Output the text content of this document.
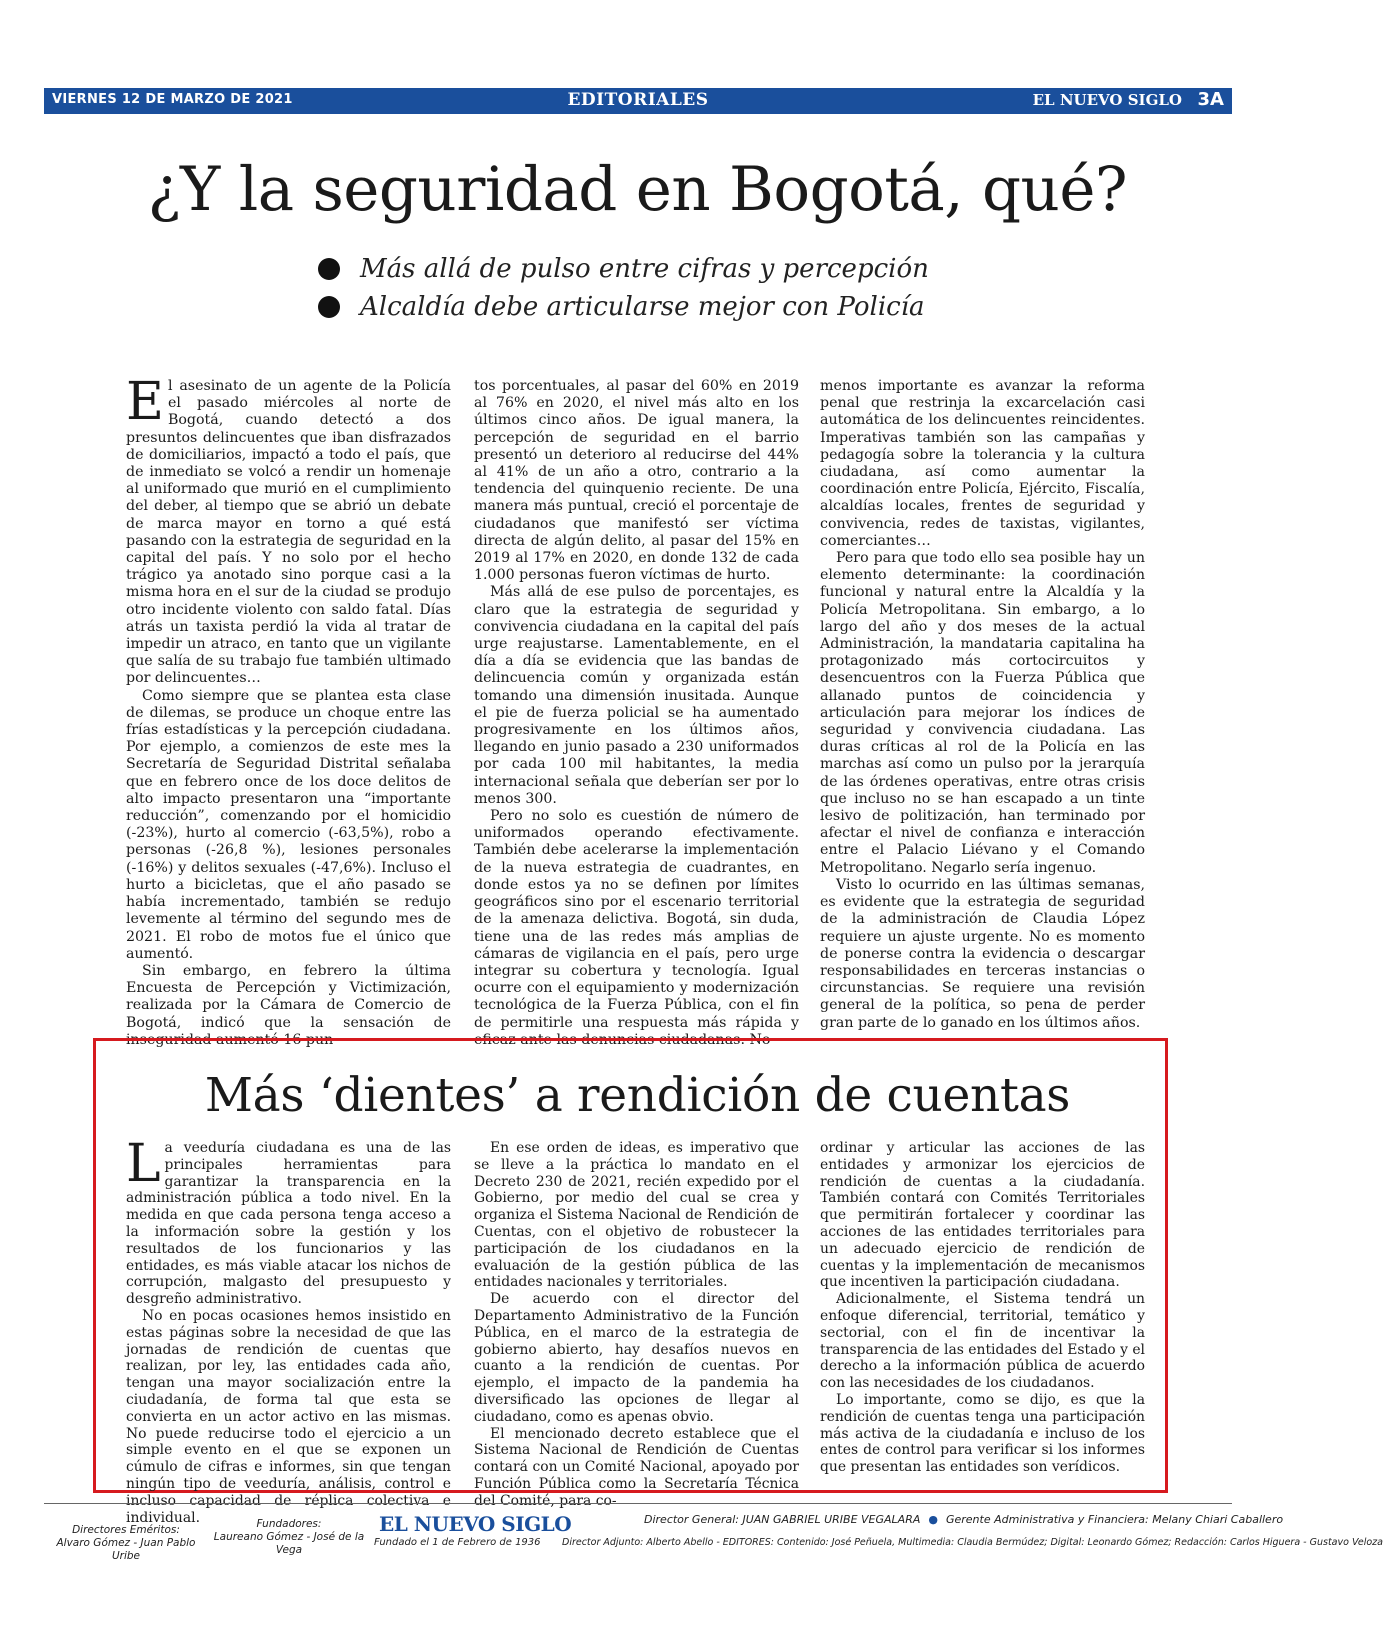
VIERNES 12 DE MARZO DE 2021	EDITORIALES	EL NUEVO SIGLO 3A
¿Y la seguridad en Bogotá, qué?
Más allá de pulso entre cifras y percepción
Alcaldía debe articularse mejor con Policía

El asesinato de un agente de la Policía el pasado miércoles al norte de Bogotá, cuando detectó a dos presuntos delincuentes que iban disfrazados de domiciliarios, impactó a todo el país, que de inmediato se volcó a rendir un homenaje al uniformado que murió en el cumplimiento del deber, al tiempo que se abrió un debate de marca mayor en torno a qué está pasando con la estrategia de seguridad en la capital del país. Y no solo por el hecho trágico ya anotado sino porque casi a la misma hora en el sur de la ciudad se produjo otro incidente violento con saldo fatal. Días atrás un taxista perdió la vida al tratar de impedir un atraco, en tanto que un vigilante que salía de su trabajo fue también ultimado por delincuentes…

Como siempre que se plantea esta clase de dilemas, se produce un choque entre las frías estadísticas y la percepción ciudadana. Por ejemplo, a comienzos de este mes la Secretaría de Seguridad Distrital señalaba que en febrero once de los doce delitos de alto impacto presentaron una “importante reducción”, comenzando por el homicidio (-23%), hurto al comercio (-63,5%), robo a personas (-26,8 %), lesiones personales (-16%) y delitos sexuales (-47,6%). Incluso el hurto a bicicletas, que el año pasado se había incrementado, también se redujo levemente al término del segundo mes de 2021. El robo de motos fue el único que aumentó.

Sin embargo, en febrero la última Encuesta de Percepción y Victimización, realizada por la Cámara de Comercio de Bogotá, indicó que la sensación de inseguridad aumentó 16 pun-

tos porcentuales, al pasar del 60% en 2019 al 76% en 2020, el nivel más alto en los últimos cinco años. De igual manera, la percepción de seguridad en el barrio presentó un deterioro al reducirse del 44% al 41% de un año a otro, contrario a la tendencia del quinquenio reciente. De una manera más puntual, creció el porcentaje de ciudadanos que manifestó ser víctima directa de algún delito, al pasar del 15% en 2019 al 17% en 2020, en donde 132 de cada 1.000 personas fueron víctimas de hurto.

Más allá de ese pulso de porcentajes, es claro que la estrategia de seguridad y convivencia ciudadana en la capital del país urge reajustarse. Lamentablemente, en el día a día se evidencia que las bandas de delincuencia común y organizada están tomando una dimensión inusitada. Aunque el pie de fuerza policial se ha aumentado progresivamente en los últimos años, llegando en junio pasado a 230 uniformados por cada 100 mil habitantes, la media internacional señala que deberían ser por lo menos 300.

Pero no solo es cuestión de número de uniformados operando efectivamente. También debe acelerarse la implementación de la nueva estrategia de cuadrantes, en donde estos ya no se definen por límites geográficos sino por el escenario territorial de la amenaza delictiva. Bogotá, sin duda, tiene una de las redes más amplias de cámaras de vigilancia en el país, pero urge integrar su cobertura y tecnología. Igual ocurre con el equipamiento y modernización tecnológica de la Fuerza Pública, con el fin de permitirle una respuesta más rápida y eficaz ante las denuncias ciudadanas. No

menos importante es avanzar la reforma penal que restrinja la excarcelación casi automática de los delincuentes reincidentes. Imperativas también son las campañas y pedagogía sobre la tolerancia y la cultura ciudadana, así como aumentar la coordinación entre Policía, Ejército, Fiscalía, alcaldías locales, frentes de seguridad y convivencia, redes de taxistas, vigilantes, comerciantes…

Pero para que todo ello sea posible hay un elemento determinante: la coordinación funcional y natural entre la Alcaldía y la Policía Metropolitana. Sin embargo, a lo largo del año y dos meses de la actual Administración, la mandataria capitalina ha protagonizado más cortocircuitos y desencuentros con la Fuerza Pública que allanado puntos de coincidencia y articulación para mejorar los índices de seguridad y convivencia ciudadana. Las duras críticas al rol de la Policía en las marchas así como un pulso por la jerarquía de las órdenes operativas, entre otras crisis que incluso no se han escapado a un tinte lesivo de politización, han terminado por afectar el nivel de confianza e interacción entre el Palacio Liévano y el Comando Metropolitano. Negarlo sería ingenuo.

Visto lo ocurrido en las últimas semanas, es evidente que la estrategia de seguridad de la administración de Claudia López requiere un ajuste urgente. No es momento de ponerse contra la evidencia o descargar responsabilidades en terceras instancias o circunstancias. Se requiere una revisión general de la política, so pena de perder gran parte de lo ganado en los últimos años.

Más ‘dientes’ a rendición de cuentas

La veeduría ciudadana es una de las principales herramientas para garantizar la transparencia en la administración pública a todo nivel. En la medida en que cada persona tenga acceso a la información sobre la gestión y los resultados de los funcionarios y las entidades, es más viable atacar los nichos de corrupción, malgasto del presupuesto y desgreño administrativo.

No en pocas ocasiones hemos insistido en estas páginas sobre la necesidad de que las jornadas de rendición de cuentas que realizan, por ley, las entidades cada año, tengan una mayor socialización entre la ciudadanía, de forma tal que esta se convierta en un actor activo en las mismas. No puede reducirse todo el ejercicio a un simple evento en el que se exponen un cúmulo de cifras e informes, sin que tengan ningún tipo de veeduría, análisis, control e incluso capacidad de réplica colectiva e individual.

En ese orden de ideas, es imperativo que se lleve a la práctica lo mandato en el Decreto 230 de 2021, recién expedido por el Gobierno, por medio del cual se crea y organiza el Sistema Nacional de Rendición de Cuentas, con el objetivo de robustecer la participación de los ciudadanos en la evaluación de la gestión pública de las entidades nacionales y territoriales.

De acuerdo con el director del Departamento Administrativo de la Función Pública, en el marco de la estrategia de gobierno abierto, hay desafíos nuevos en cuanto a la rendición de cuentas. Por ejemplo, el impacto de la pandemia ha diversificado las opciones de llegar al ciudadano, como es apenas obvio.

El mencionado decreto establece que el Sistema Nacional de Rendición de Cuentas contará con un Comité Nacional, apoyado por Función Pública como la Secretaría Técnica del Comité, para co-

ordinar y articular las acciones de las entidades y armonizar los ejercicios de rendición de cuentas a la ciudadanía. También contará con Comités Territoriales que permitirán fortalecer y coordinar las acciones de las entidades territoriales para un adecuado ejercicio de rendición de cuentas y la implementación de mecanismos que incentiven la participación ciudadana.

Adicionalmente, el Sistema tendrá un enfoque diferencial, territorial, temático y sectorial, con el fin de incentivar la transparencia de las entidades del Estado y el derecho a la información pública de acuerdo con las necesidades de los ciudadanos.

Lo importante, como se dijo, es que la rendición de cuentas tenga una participación más activa de la ciudadanía e incluso de los entes de control para verificar si los informes que presentan las entidades son verídicos.

Directores Eméritos:
Alvaro Gómez - Juan Pablo Uribe
Fundadores:
Laureano Gómez - José de la Vega
EL NUEVO SIGLO
Fundado el 1 de Febrero de 1936
Director General: JUAN GABRIEL URIBE VEGALARA ● Gerente Administrativa y Financiera: Melany Chiari Caballero
Director Adjunto: Alberto Abello - EDITORES: Contenido: José Peñuela, Multimedia: Claudia Bermúdez; Digital: Leonardo Gómez; Redacción: Carlos Higuera - Gustavo Veloza
